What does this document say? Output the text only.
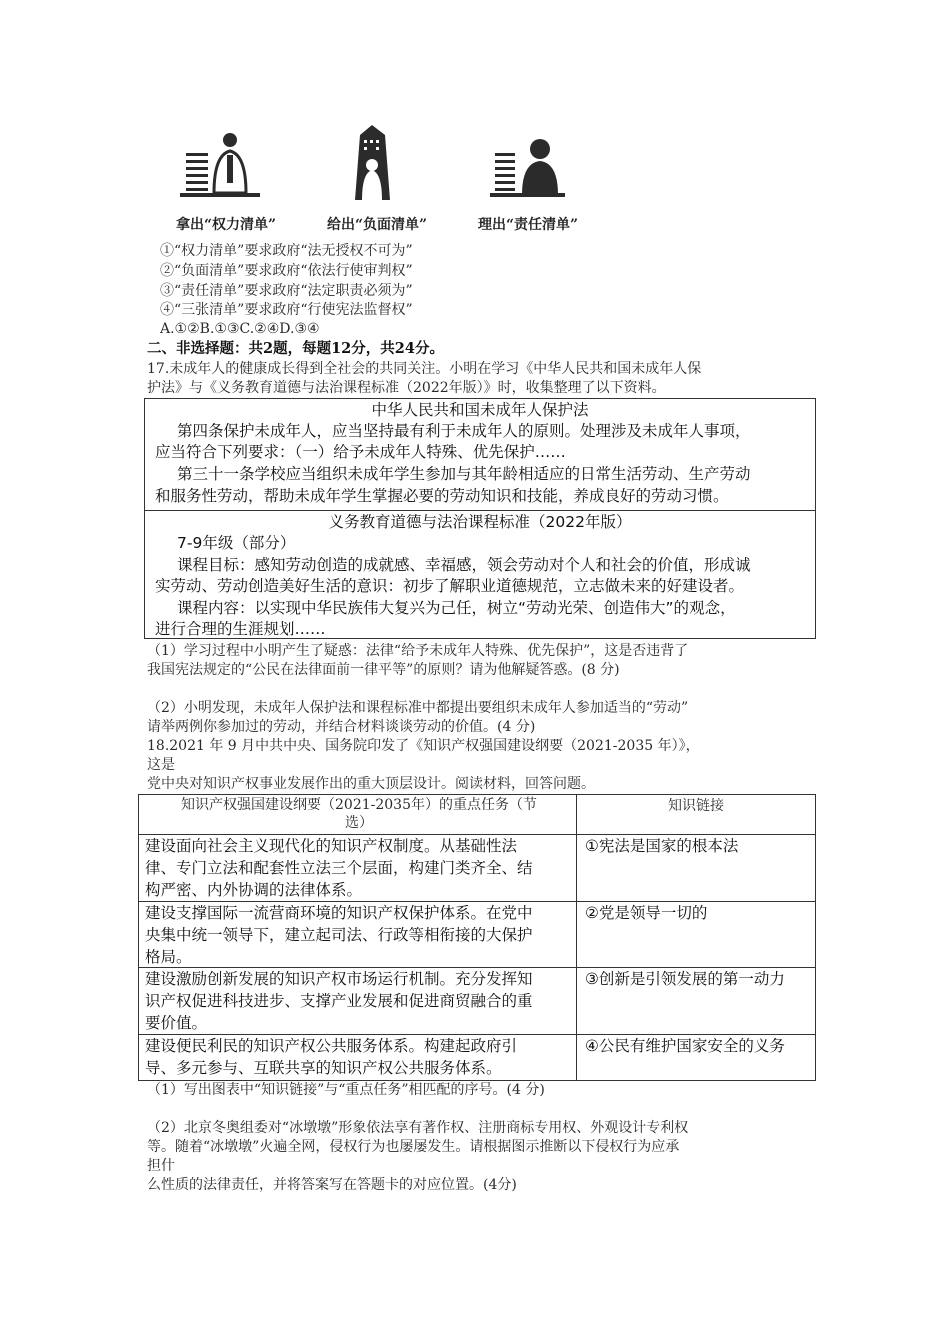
拿出“权力清单”	给出“负面清单”	理出“责任清单”
①“权力清单”要求政府“法无授权不可为”
②“负面清单”要求政府“依法行使审判权”
③“责任清单”要求政府“法定职责必须为”
④“三张清单”要求政府“行使宪法监督权”
A.①②B.①③C.②④D.③④
二、非选择题：共2题，每题12分，共24分。
17.未成年人的健康成长得到全社会的共同关注。小明在学习《中华人民共和国未成年人保
护法》与《义务教育道德与法治课程标准（2022年版）》时，收集整理了以下资料。
中华人民共和国未成年人保护法
第四条保护未成年人，应当坚持最有利于未成年人的原则。处理涉及未成年人事项，
应当符合下列要求：（一）给予未成年人特殊、优先保护……
第三十一条学校应当组织未成年学生参加与其年龄相适应的日常生活劳动、生产劳动
和服务性劳动，帮助未成年学生掌握必要的劳动知识和技能，养成良好的劳动习惯。
义务教育道德与法治课程标准（2022年版）
7-9年级（部分）
课程目标：感知劳动创造的成就感、幸福感，领会劳动对个人和社会的价值，形成诚
实劳动、劳动创造美好生活的意识：初步了解职业道德规范，立志做未来的好建设者。
课程内容：以实现中华民族伟大复兴为己任，树立“劳动光荣、创造伟大”的观念，
进行合理的生涯规划……
（1）学习过程中小明产生了疑惑：法律“给予未成年人特殊、优先保护”，这是否违背了
我国宪法规定的“公民在法律面前一律平等”的原则？请为他解疑答惑。(8 分)
（2）小明发现，未成年人保护法和课程标准中都提出要组织未成年人参加适当的“劳动”
请举两例你参加过的劳动，并结合材料谈谈劳动的价值。(4 分)
18.2021 年 9 月中共中央、国务院印发了《知识产权强国建设纲要（2021-2035 年）》，
这是
党中央对知识产权事业发展作出的重大顶层设计。阅读材料，回答问题。
知识产权强国建设纲要（2021-2035年）的重点任务（节
选）
知识链接
建设面向社会主义现代化的知识产权制度。从基础性法
律、专门立法和配套性立法三个层面，构建门类齐全、结
构严密、内外协调的法律体系。
①宪法是国家的根本法
建设支撑国际一流营商环境的知识产权保护体系。在党中
央集中统一领导下，建立起司法、行政等相衔接的大保护
格局。
②党是领导一切的
建设激励创新发展的知识产权市场运行机制。充分发挥知
识产权促进科技进步、支撑产业发展和促进商贸融合的重
要价值。
③创新是引领发展的第一动力
建设便民利民的知识产权公共服务体系。构建起政府引
导、多元参与、互联共享的知识产权公共服务体系。
④公民有维护国家安全的义务
（1）写出图表中“知识链接”与“重点任务”相匹配的序号。(4 分)
（2）北京冬奥组委对“冰墩墩”形象依法享有著作权、注册商标专用权、外观设计专利权
等。随着“冰墩墩”火遍全网，侵权行为也屡屡发生。请根据图示推断以下侵权行为应承
担什
么性质的法律责任，并将答案写在答题卡的对应位置。(4分)
